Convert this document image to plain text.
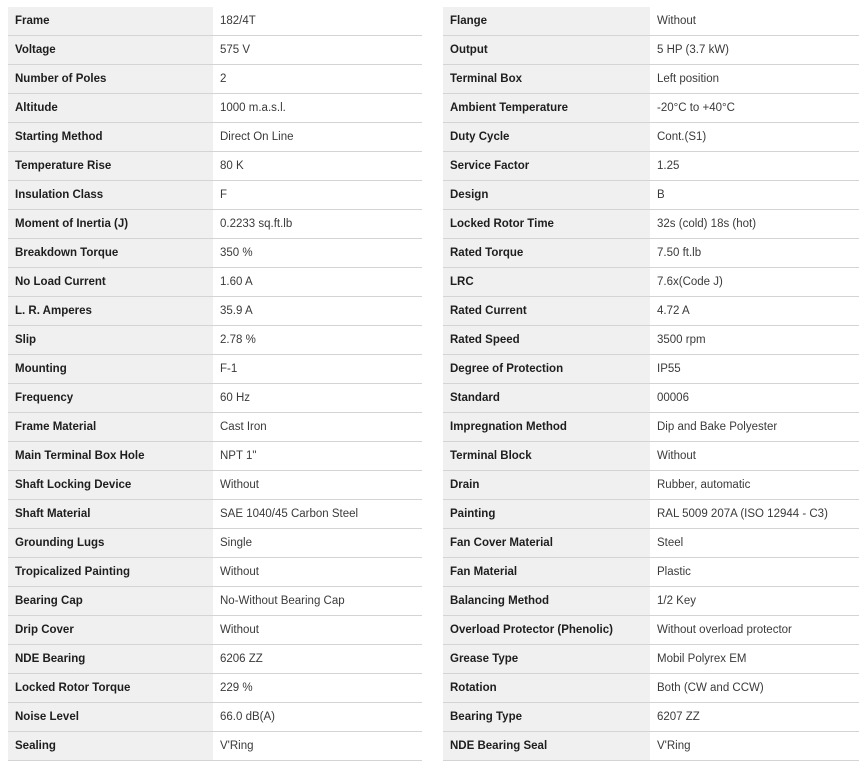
Frame	182/4T
Voltage	575 V
Number of Poles	2
Altitude	1000 m.a.s.l.
Starting Method	Direct On Line
Temperature Rise	80 K
Insulation Class	F
Moment of Inertia (J)	0.2233 sq.ft.lb
Breakdown Torque	350 %
No Load Current	1.60 A
L. R. Amperes	35.9 A
Slip	2.78 %
Mounting	F-1
Frequency	60 Hz
Frame Material	Cast Iron
Main Terminal Box Hole	NPT 1"
Shaft Locking Device	Without
Shaft Material	SAE 1040/45 Carbon Steel
Grounding Lugs	Single
Tropicalized Painting	Without
Bearing Cap	No-Without Bearing Cap
Drip Cover	Without
NDE Bearing	6206 ZZ
Locked Rotor Torque	229 %
Noise Level	66.0 dB(A)
Sealing	V'Ring
Flange	Without
Output	5 HP (3.7 kW)
Terminal Box	Left position
Ambient Temperature	-20°C to +40°C
Duty Cycle	Cont.(S1)
Service Factor	1.25
Design	B
Locked Rotor Time	32s (cold) 18s (hot)
Rated Torque	7.50 ft.lb
LRC	7.6x(Code J)
Rated Current	4.72 A
Rated Speed	3500 rpm
Degree of Protection	IP55
Standard	00006
Impregnation Method	Dip and Bake Polyester
Terminal Block	Without
Drain	Rubber, automatic
Painting	RAL 5009 207A (ISO 12944 - C3)
Fan Cover Material	Steel
Fan Material	Plastic
Balancing Method	1/2 Key
Overload Protector (Phenolic)	Without overload protector
Grease Type	Mobil Polyrex EM
Rotation	Both (CW and CCW)
Bearing Type	6207 ZZ
NDE Bearing Seal	V'Ring
